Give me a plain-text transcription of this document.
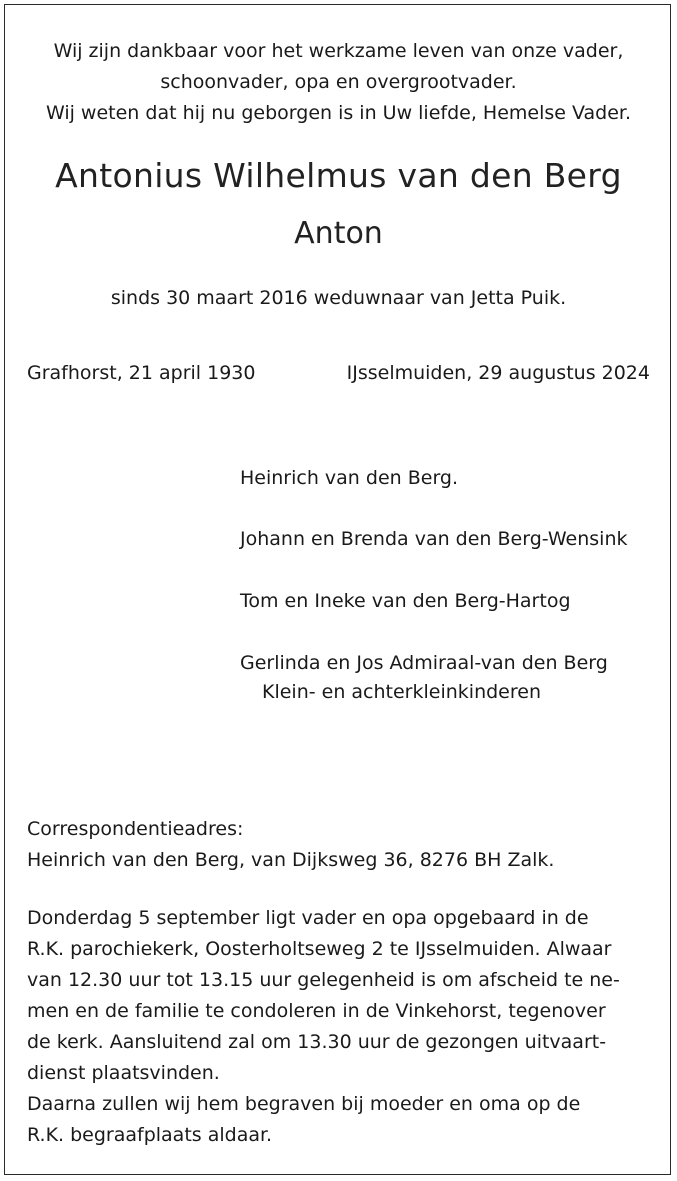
Wij zijn dankbaar voor het werkzame leven van onze vader,
schoonvader, opa en overgrootvader.
Wij weten dat hij nu geborgen is in Uw liefde, Hemelse Vader.
Antonius Wilhelmus van den Berg
Anton
sinds 30 maart 2016 weduwnaar van Jetta Puik.
Grafhorst, 21 april 1930	IJsselmuiden, 29 augustus 2024
Heinrich van den Berg.
Johann en Brenda van den Berg-Wensink
Tom en Ineke van den Berg-Hartog
Gerlinda en Jos Admiraal-van den Berg
Klein- en achterkleinkinderen
Correspondentieadres:
Heinrich van den Berg, van Dijksweg 36, 8276 BH Zalk.
Donderdag 5 september ligt vader en opa opgebaard in de
R.K. parochiekerk, Oosterholtseweg 2 te IJsselmuiden. Alwaar
van 12.30 uur tot 13.15 uur gelegenheid is om afscheid te ne-
men en de familie te condoleren in de Vinkehorst, tegenover
de kerk. Aansluitend zal om 13.30 uur de gezongen uitvaart-
dienst plaatsvinden.
Daarna zullen wij hem begraven bij moeder en oma op de
R.K. begraafplaats aldaar.
